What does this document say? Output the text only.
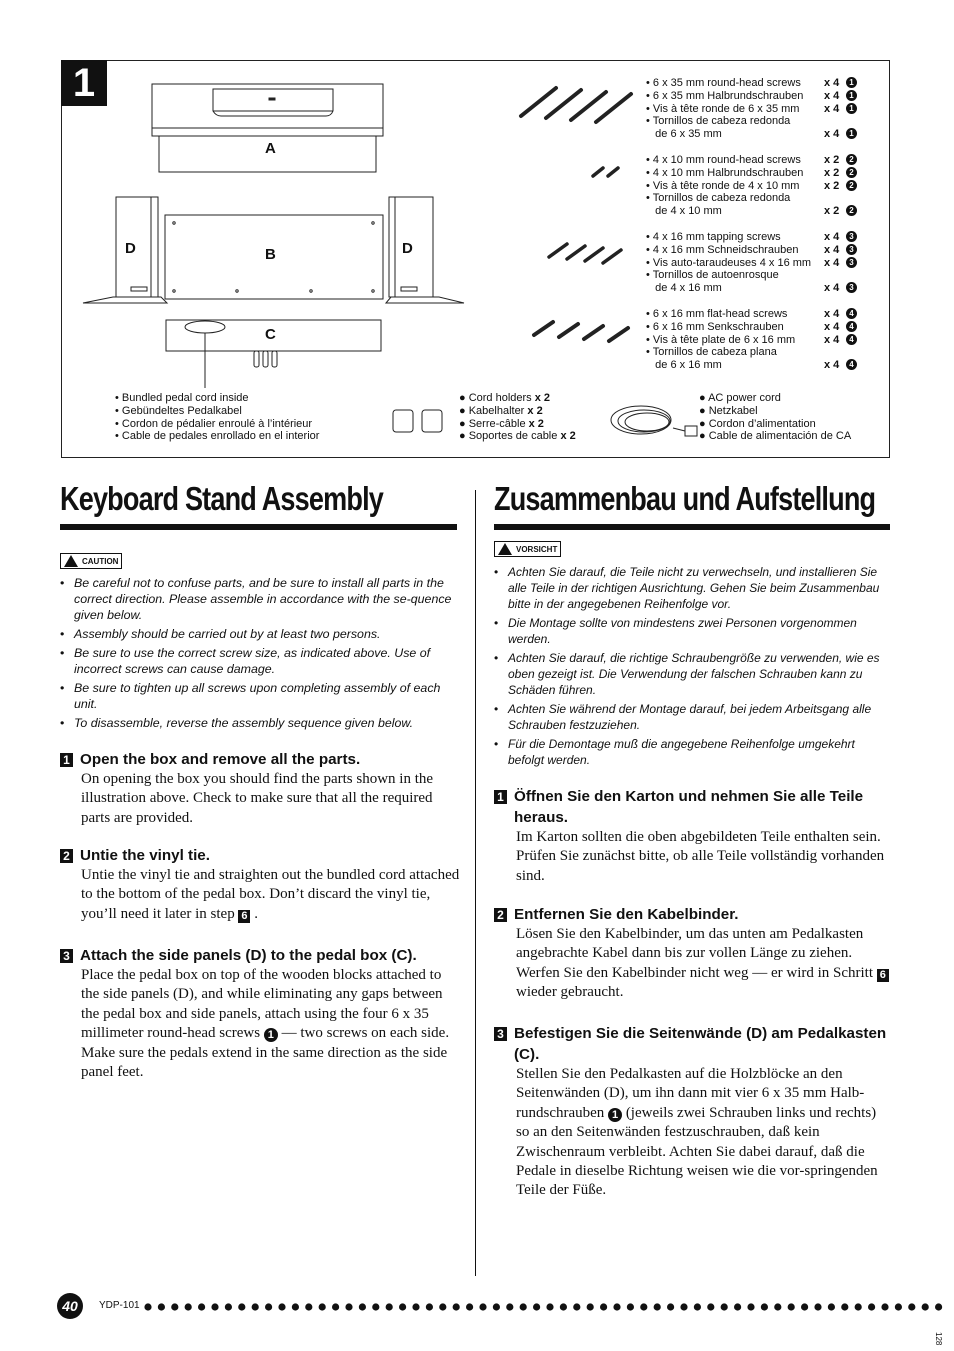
1
A
B
C
D	D
• 6 x 35 mm round-head screws	x 4	1
• 6 x 35 mm Halbrundschrauben	x 4	1
• Vis à tête ronde de 6 x 35 mm	x 4	1
• Tornillos de cabeza redonda
de 6 x 35 mm	x 4	1
• 4 x 10 mm round-head screws	x 2	2
• 4 x 10 mm Halbrundschrauben	x 2	2
• Vis à tête ronde de 4 x 10 mm	x 2	2
• Tornillos de cabeza redonda
de 4 x 10 mm	x 2	2
• 4 x 16 mm tapping screws	x 4	3
• 4 x 16 mm Schneidschrauben	x 4	3
• Vis auto-taraudeuses 4 x 16 mm	x 4	3
• Tornillos de autoenrosque
de 4 x 16 mm	x 4	3
• 6 x 16 mm flat-head screws	x 4	4
• 6 x 16 mm Senkschrauben	x 4	4
• Vis à tête plate de 6 x 16 mm	x 4	4
• Tornillos de cabeza plana
de 6 x 16 mm	x 4	4
• Bundled pedal cord inside
• Gebündeltes Pedalkabel
• Cordon de pédalier enroulé à l’intérieur
• Cable de pedales enrollado en el interior
● Cord holders x 2
● Kabelhalter x 2
● Serre-câble x 2
● Soportes de cable x 2
● AC power cord
● Netzkabel
● Cordon d’alimentation
● Cable de alimentación de CA
Keyboard Stand Assembly
CAUTION
• Be careful not to confuse parts, and be sure to install all parts in the correct direction. Please assemble in accordance with the se-quence given below.
• Assembly should be carried out by at least two persons.
• Be sure to use the correct screw size, as indicated above. Use of incorrect screws can cause damage.
• Be sure to tighten up all screws upon completing assembly of each unit.
• To disassemble, reverse the assembly sequence given below.
1 Open the box and remove all the parts.
On opening the box you should find the parts shown in the illustration above. Check to make sure that all the required parts are provided.
2 Untie the vinyl tie.
Untie the vinyl tie and straighten out the bundled cord attached to the bottom of the pedal box. Don’t discard the vinyl tie, you’ll need it later in step 6 .
3 Attach the side panels (D) to the pedal box (C).
Place the pedal box on top of the wooden blocks attached to the side panels (D), and while eliminating any gaps between the pedal box and side panels, attach using the four 6 x 35 millimeter round-head screws 1 — two screws on each side. Make sure the pedals extend in the same direction as the side panel feet.
Zusammenbau und Aufstellung
VORSICHT
• Achten Sie darauf, die Teile nicht zu verwechseln, und installieren Sie alle Teile in der richtigen Ausrichtung. Gehen Sie beim Zusammenbau bitte in der angegebenen Reihenfolge vor.
• Die Montage sollte von mindestens zwei Personen vorgenommen werden.
• Achten Sie darauf, die richtige Schraubengröße zu verwenden, wie es oben gezeigt ist. Die Verwendung der falschen Schrauben kann zu Schäden führen.
• Achten Sie während der Montage darauf, bei jedem Arbeitsgang alle Schrauben festzuziehen.
• Für die Demontage muß die angegebene Reihenfolge umgekehrt befolgt werden.
1 Öffnen Sie den Karton und nehmen Sie alle Teile heraus.
Im Karton sollten die oben abgebildeten Teile enthalten sein. Prüfen Sie zunächst bitte, ob alle Teile vollständig vorhanden sind.
2 Entfernen Sie den Kabelbinder.
Lösen Sie den Kabelbinder, um das unten am Pedalkasten angebrachte Kabel dann bis zur vollen Länge zu ziehen. Werfen Sie den Kabelbinder nicht weg — er wird in Schritt 6 wieder gebraucht.
3 Befestigen Sie die Seitenwände (D) am Pedalkasten (C).
Stellen Sie den Pedalkasten auf die Holzblöcke an den Seitenwänden (D), um ihn dann mit vier 6 x 35 mm Halb-rundschrauben 1 (jeweils zwei Schrauben links und rechts) so an den Seitenwänden festzuschrauben, daß kein Zwischenraum verbleibt. Achten Sie dabei darauf, daß die Pedale in dieselbe Richtung weisen wie die vor-springenden Teile der Füße.
40	YDP-101
128
